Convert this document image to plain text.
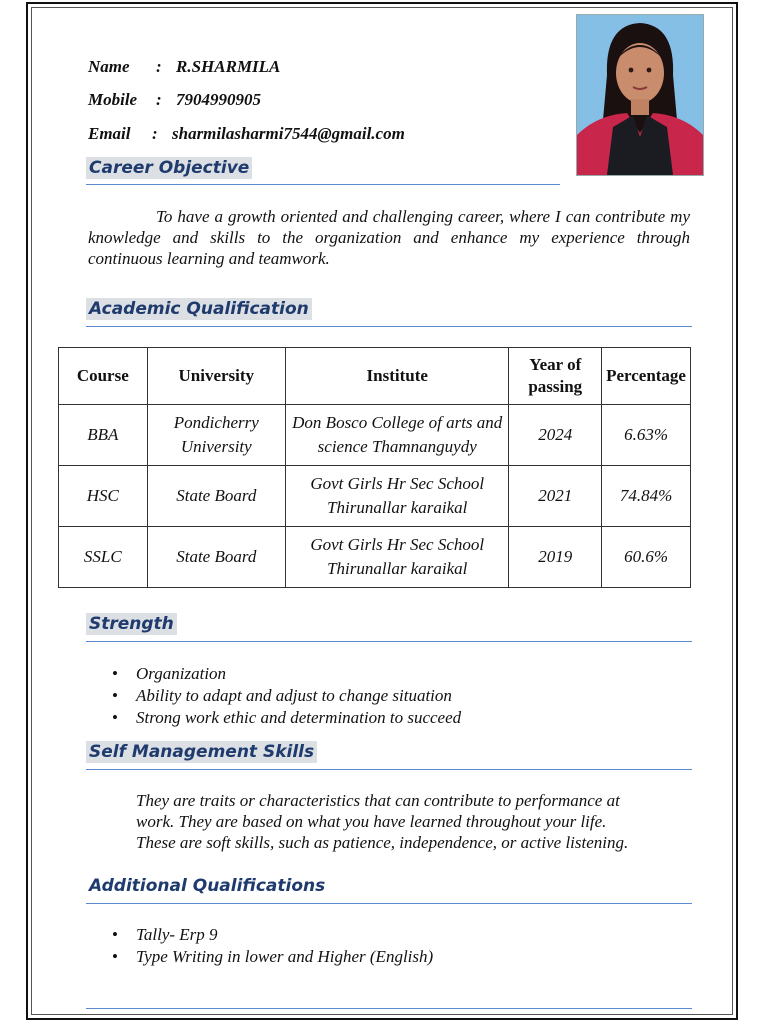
Name : R.SHARMILA
Mobile : 7904990905
Email : sharmilasharmi7544@gmail.com
Career Objective
To have a growth oriented and challenging career, where I can contribute my knowledge and skills to the organization and enhance my experience through continuous learning and teamwork.
Academic Qualification
Course	University	Institute	Year of passing	Percentage
BBA	Pondicherry University	Don Bosco College of arts and science Thamnanguydy	2024	6.63%
HSC	State Board	Govt Girls Hr Sec School Thirunallar karaikal	2021	74.84%
SSLC	State Board	Govt Girls Hr Sec School Thirunallar karaikal	2019	60.6%
Strength
• Organization
• Ability to adapt and adjust to change situation
• Strong work ethic and determination to succeed
Self Management Skills
They are traits or characteristics that can contribute to performance at
work. They are based on what you have learned throughout your life.
These are soft skills, such as patience, independence, or active listening.
Additional Qualifications
• Tally- Erp 9
• Type Writing in lower and Higher (English)
